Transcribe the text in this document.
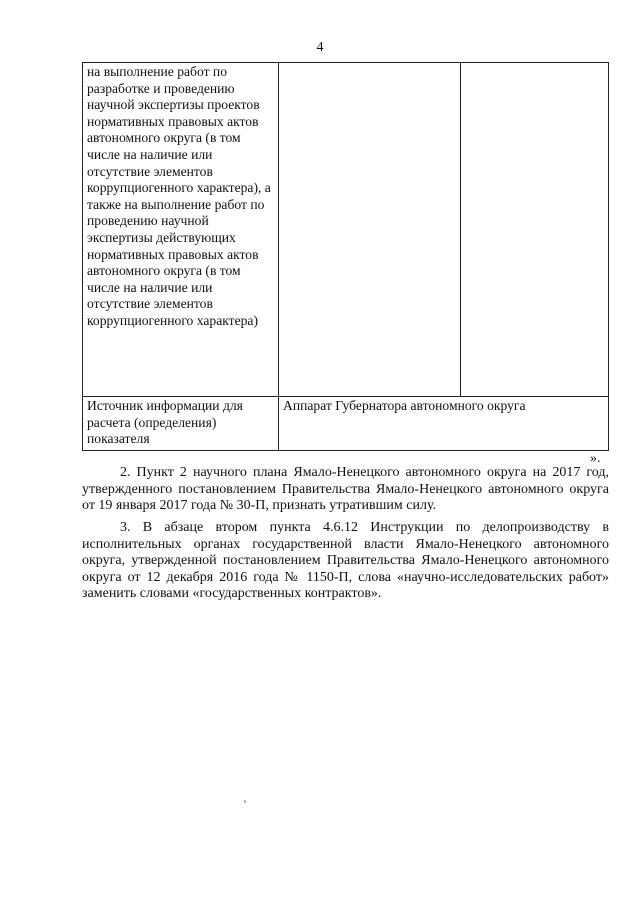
4
на выполнение работ по разработке и проведению научной экспертизы проектов нормативных правовых актов автономного округа (в том числе на наличие или отсутствие элементов коррупциогенного характера), а также на выполнение работ по проведению научной экспертизы действующих нормативных правовых актов автономного округа (в том числе на наличие или отсутствие элементов коррупциогенного характера)		
Источник информации для расчета (определения) показателя	Аппарат Губернатора автономного округа	
».

2. Пункт 2 научного плана Ямало-Ненецкого автономного округа на 2017 год, утвержденного постановлением Правительства Ямало-Ненецкого автономного округа от 19 января 2017 года № 30-П, признать утратившим силу.

3. В абзаце втором пункта 4.6.12 Инструкции по делопроизводству в исполнительных органах государственной власти Ямало-Ненецкого автономного округа, утвержденной постановлением Правительства Ямало-Ненецкого автономного округа от 12 декабря 2016 года № 1150-П, слова «научно-исследовательских работ» заменить словами «государственных контрактов».

`
